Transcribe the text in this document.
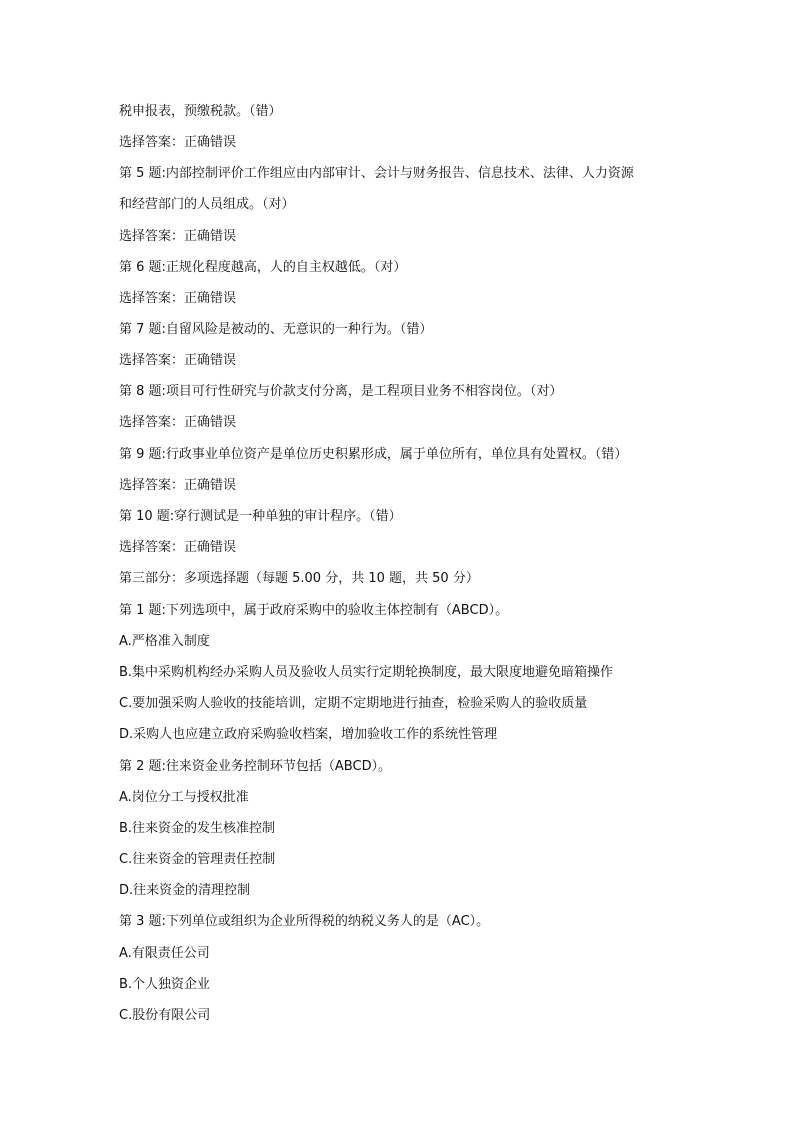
税申报表，预缴税款。（错）
选择答案：正确错误
第 5 题:内部控制评价工作组应由内部审计、会计与财务报告、信息技术、法律、人力资源
和经营部门的人员组成。（对）
选择答案：正确错误
第 6 题:正规化程度越高，人的自主权越低。（对）
选择答案：正确错误
第 7 题:自留风险是被动的、无意识的一种行为。（错）
选择答案：正确错误
第 8 题:项目可行性研究与价款支付分离，是工程项目业务不相容岗位。（对）
选择答案：正确错误
第 9 题:行政事业单位资产是单位历史积累形成，属于单位所有，单位具有处置权。（错）
选择答案：正确错误
第 10 题:穿行测试是一种单独的审计程序。（错）
选择答案：正确错误
第三部分：多项选择题（每题 5.00 分，共 10 题，共 50 分）
第 1 题:下列选项中，属于政府采购中的验收主体控制有（ABCD）。
A.严格准入制度
B.集中采购机构经办采购人员及验收人员实行定期轮换制度，最大限度地避免暗箱操作
C.要加强采购人验收的技能培训，定期不定期地进行抽查，检验采购人的验收质量
D.采购人也应建立政府采购验收档案，增加验收工作的系统性管理
第 2 题:往来资金业务控制环节包括（ABCD）。
A.岗位分工与授权批准
B.往来资金的发生核准控制
C.往来资金的管理责任控制
D.往来资金的清理控制
第 3 题:下列单位或组织为企业所得税的纳税义务人的是（AC）。
A.有限责任公司
B.个人独资企业
C.股份有限公司
